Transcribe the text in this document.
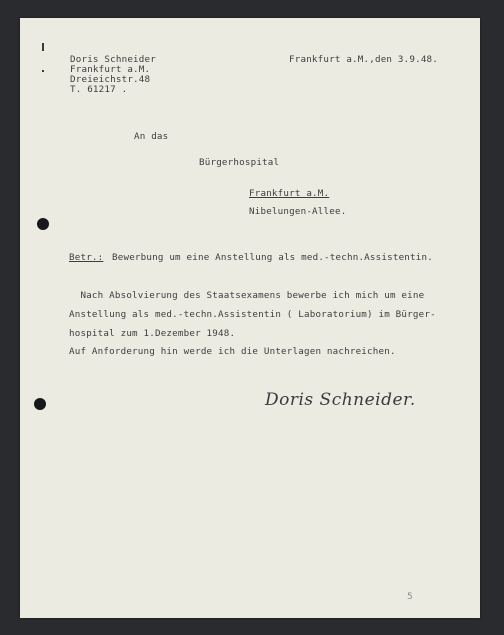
Doris Schneider
Frankfurt a.M.
Dreieichstr.48
T. 61217 .
Frankfurt a.M.,den 3.9.48.
An das
Bürgerhospital
Frankfurt a.M.
Nibelungen-Allee.
Betr.: Bewerbung um eine Anstellung als med.-techn.Assistentin.
Nach Absolvierung des Staatsexamens bewerbe ich mich um eine
Anstellung als med.-techn.Assistentin ( Laboratorium) im Bürger-
hospital zum 1.Dezember 1948.
Auf Anforderung hin werde ich die Unterlagen nachreichen.
Doris Schneider.
5
